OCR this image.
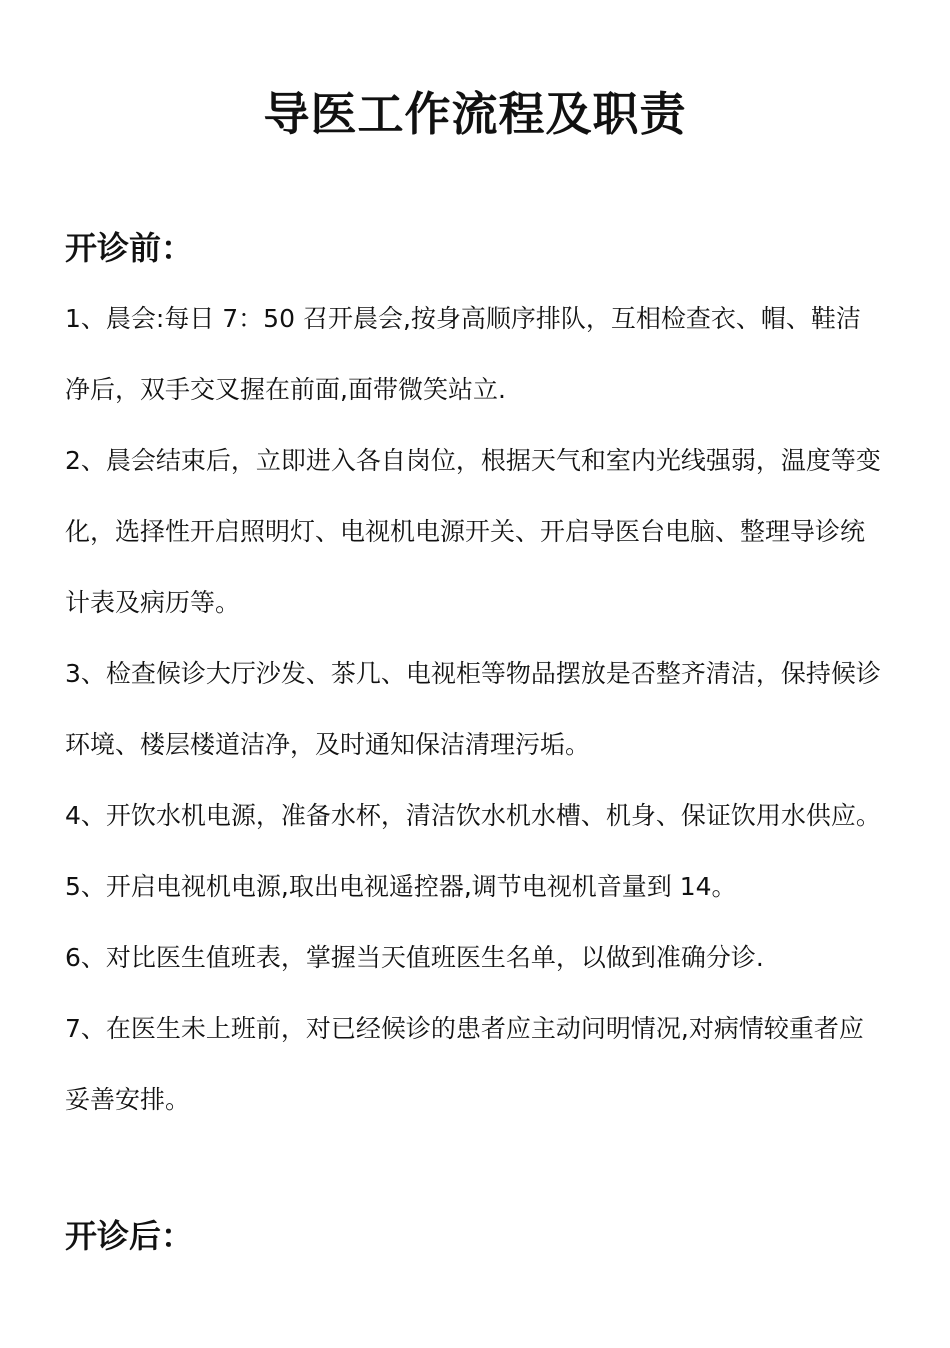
导医工作流程及职责
开诊前：
1、晨会:每日 7：50 召开晨会,按身高顺序排队，互相检查衣、帽、鞋洁净后，双手交叉握在前面,面带微笑站立.
2、晨会结束后，立即进入各自岗位，根据天气和室内光线强弱，温度等变化，选择性开启照明灯、电视机电源开关、开启导医台电脑、整理导诊统计表及病历等。
3、检查候诊大厅沙发、茶几、电视柜等物品摆放是否整齐清洁，保持候诊环境、楼层楼道洁净，及时通知保洁清理污垢。
4、开饮水机电源，准备水杯，清洁饮水机水槽、机身、保证饮用水供应。
5、开启电视机电源,取出电视遥控器,调节电视机音量到 14。
6、对比医生值班表，掌握当天值班医生名单，以做到准确分诊.
7、在医生未上班前，对已经候诊的患者应主动问明情况,对病情较重者应妥善安排。
开诊后：
